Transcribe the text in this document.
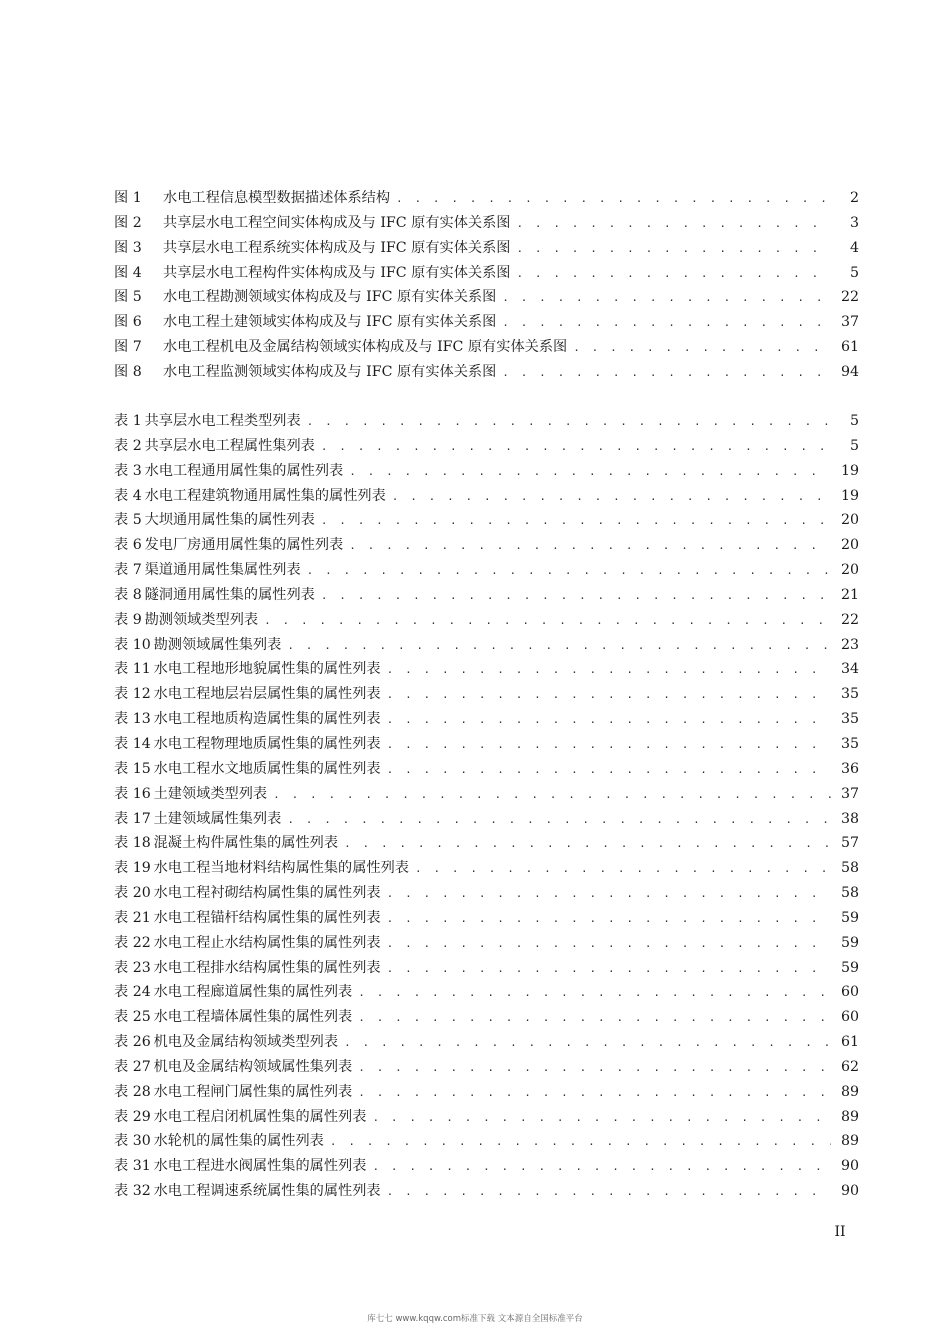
图 1	水电工程信息模型数据描述体系结构 . . .	2
图 2	共享层水电工程空间实体构成及与 IFC 原有实体关系图 . . .	3
图 3	共享层水电工程系统实体构成及与 IFC 原有实体关系图 . . .	4
图 4	共享层水电工程构件实体构成及与 IFC 原有实体关系图 . . .	5
图 5	水电工程勘测领域实体构成及与 IFC 原有实体关系图 . . .	22
图 6	水电工程土建领域实体构成及与 IFC 原有实体关系图 . . .	37
图 7	水电工程机电及金属结构领域实体构成及与 IFC 原有实体关系图 . . .	61
图 8	水电工程监测领域实体构成及与 IFC 原有实体关系图 . . .	94
表 1
  共享层水电工程类型列表 . . .	5
表 2
  共享层水电工程属性集列表 . . .	5
表 3
  水电工程通用属性集的属性列表 . . .	19
表 4
  水电工程建筑物通用属性集的属性列表 . . .	19
表 5
  大坝通用属性集的属性列表 . . .	20
表 6
  发电厂房通用属性集的属性列表 . . .	20
表 7
  渠道通用属性集属性列表 . . .	20
表 8
  隧洞通用属性集的属性列表 . . .	21
表 9
  勘测领域类型列表 . . .	22
表 10
  勘测领域属性集列表 . . .	23
表 11
  水电工程地形地貌属性集的属性列表 . . .	34
表 12
  水电工程地层岩层属性集的属性列表 . . .	35
表 13
  水电工程地质构造属性集的属性列表 . . .	35
表 14
  水电工程物理地质属性集的属性列表 . . .	35
表 15
  水电工程水文地质属性集的属性列表 . . .	36
表 16
  土建领域类型列表 . . .	37
表 17
  土建领域属性集列表 . . .	38
表 18
  混凝土构件属性集的属性列表 . . .	57
表 19
  水电工程当地材料结构属性集的属性列表 . . .	58
表 20
  水电工程衬砌结构属性集的属性列表 . . .	58
表 21
  水电工程锚杆结构属性集的属性列表 . . .	59
表 22
  水电工程止水结构属性集的属性列表 . . .	59
表 23
  水电工程排水结构属性集的属性列表 . . .	59
表 24
  水电工程廊道属性集的属性列表 . . .	60
表 25
  水电工程墙体属性集的属性列表 . . .	60
表 26
  机电及金属结构领域类型列表 . . .	61
表 27
  机电及金属结构领域属性集列表 . . .	62
表 28
  水电工程闸门属性集的属性列表 . . .	89
表 29
  水电工程启闭机属性集的属性列表 . . .	89
表 30
  水轮机的属性集的属性列表 . . .	89
表 31
  水电工程进水阀属性集的属性列表 . . .	90
表 32
  水电工程调速系统属性集的属性列表 . . .	90
II
库七七 www.kqqw.com标准下载 文本源自全国标准平台
